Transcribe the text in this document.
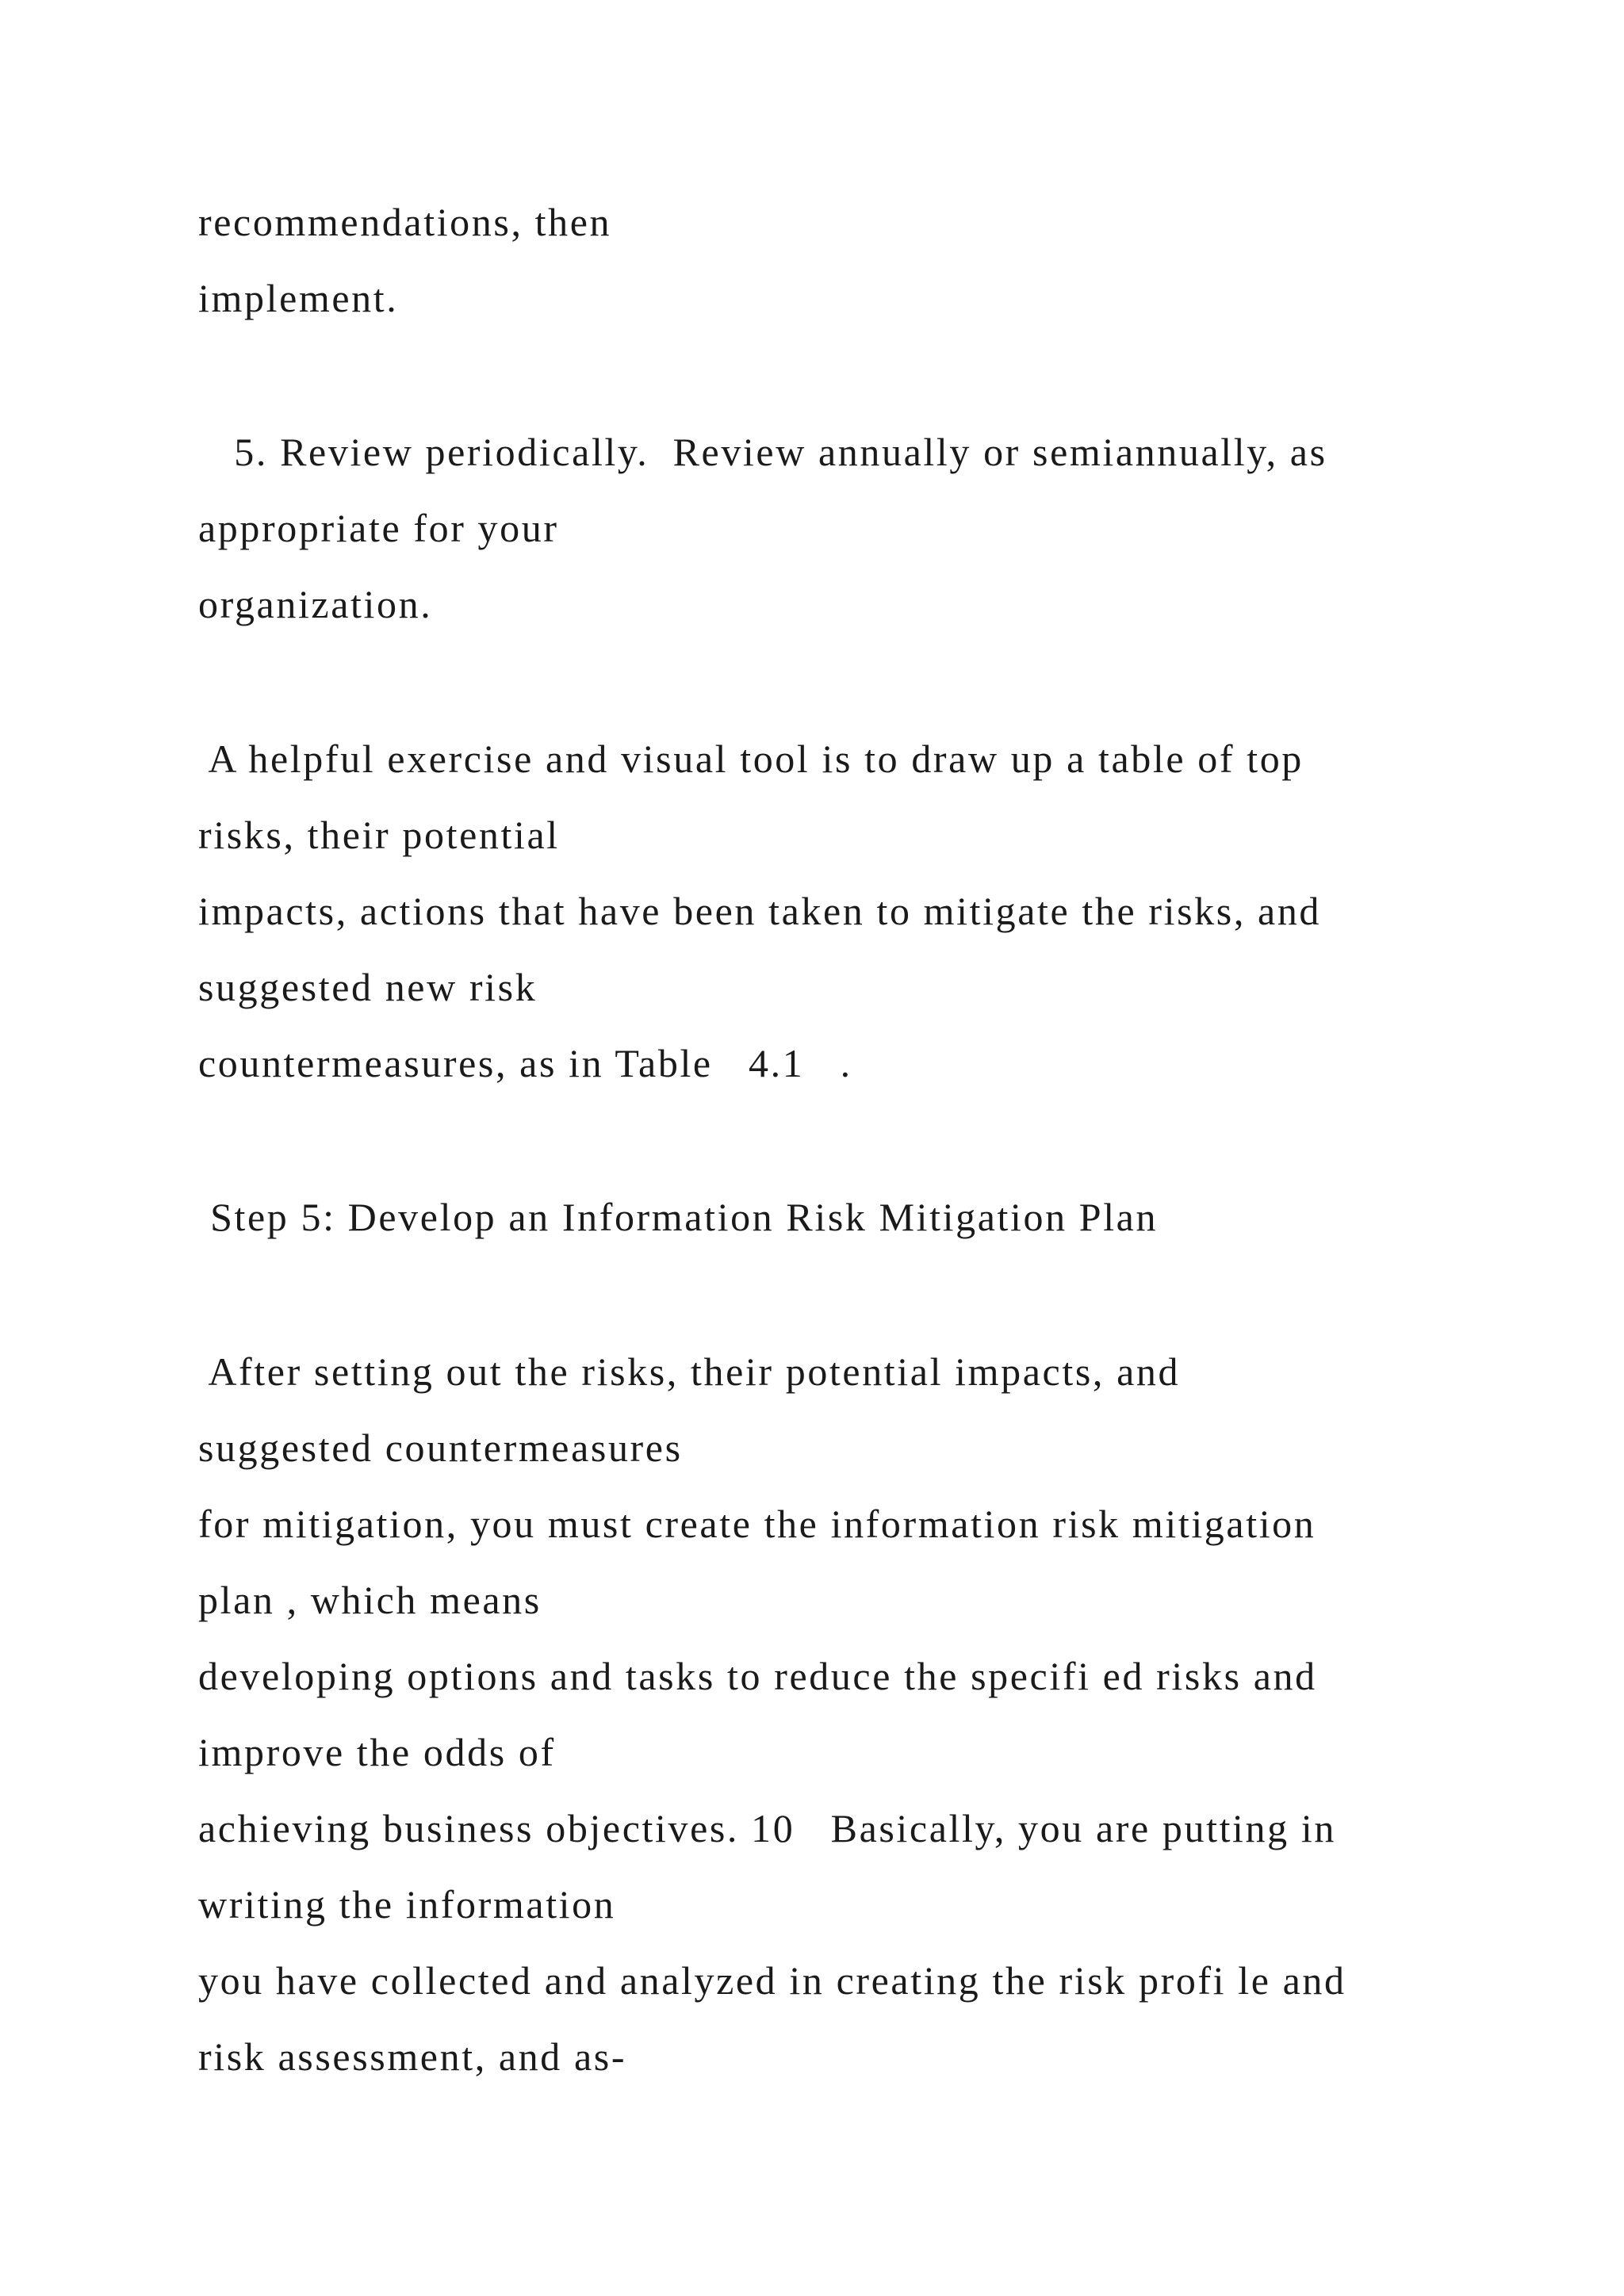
recommendations, then

implement.

5. Review periodically.  Review annually or semiannually, as

appropriate for your

organization.

A helpful exercise and visual tool is to draw up a table of top

risks, their potential

impacts, actions that have been taken to mitigate the risks, and

suggested new risk

countermeasures, as in Table   4.1   .

Step 5: Develop an Information Risk Mitigation Plan

After setting out the risks, their potential impacts, and

suggested countermeasures

for mitigation, you must create the information risk mitigation

plan , which means

developing options and tasks to reduce the specifi ed risks and

improve the odds of

achieving business objectives. 10   Basically, you are putting in

writing the information

you have collected and analyzed in creating the risk profi le and

risk assessment, and as-
